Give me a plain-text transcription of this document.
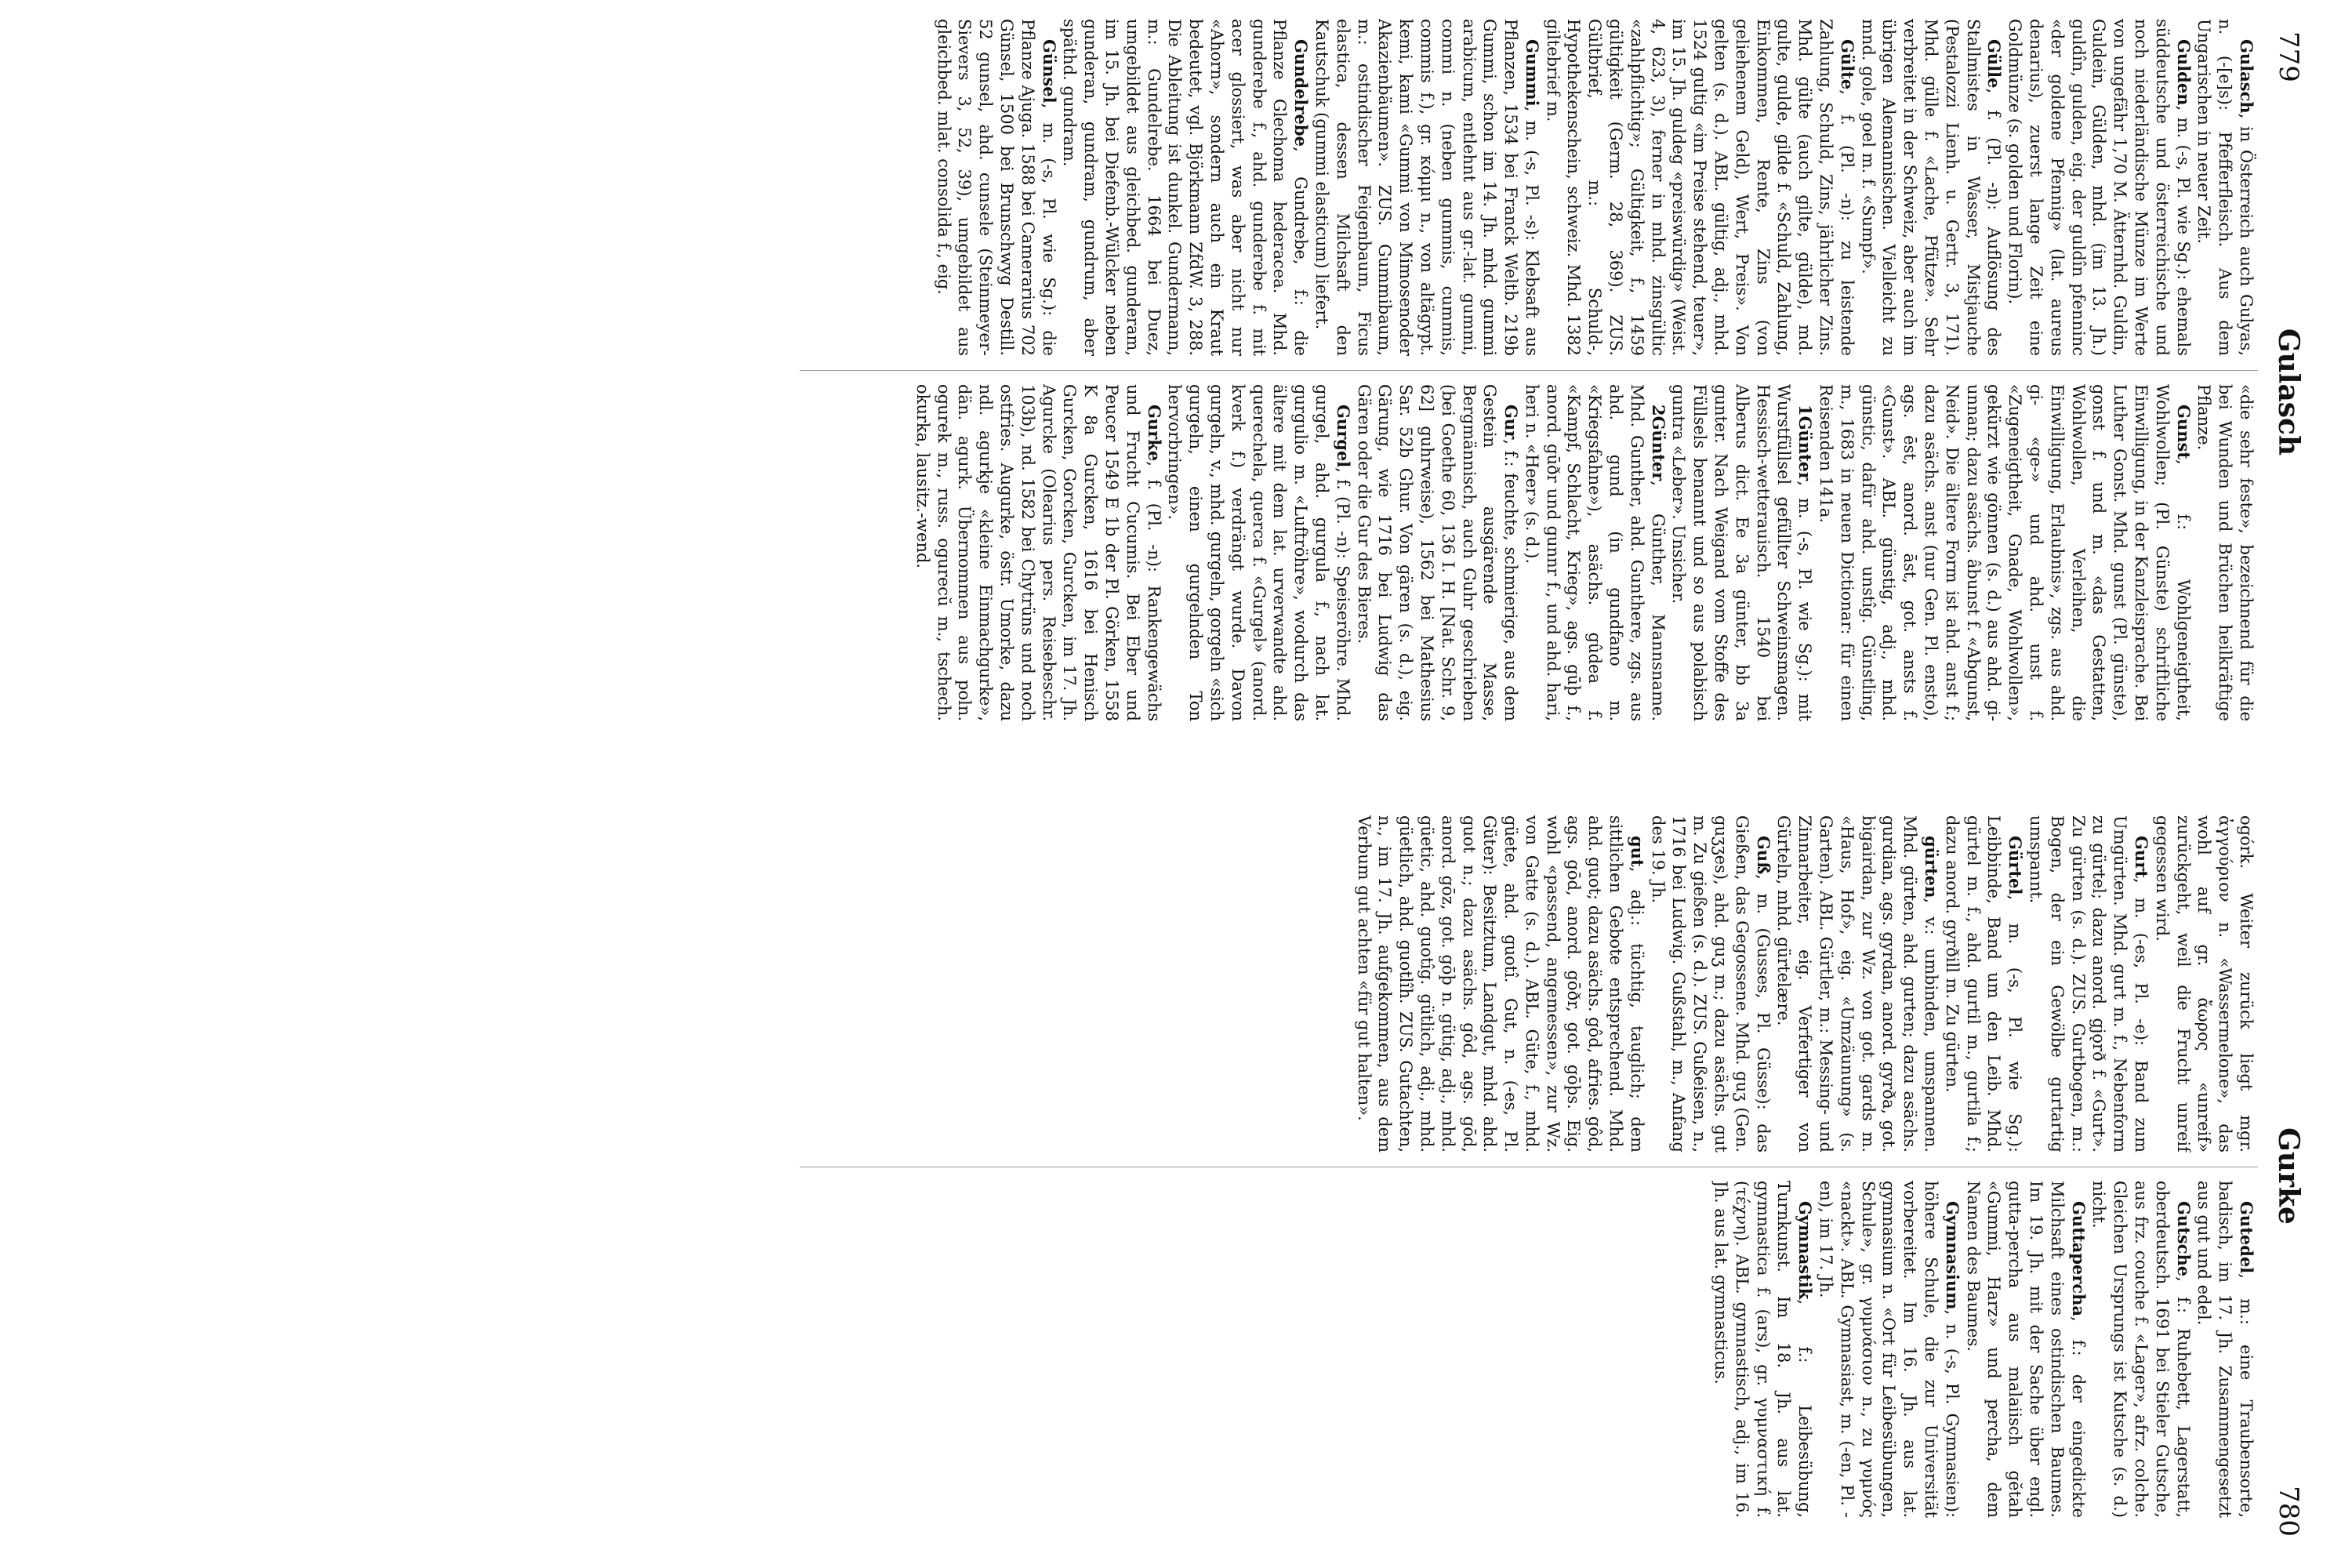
779
Gulasch

Gulasch, in Österreich auch Gulyas, n. (-[e]s): Pfefferfleisch. Aus dem Ungarischen in neuer Zeit.

Gulden, m. (-s, Pl. wie Sg.): ehemals süddeutsche und österreichische und noch niederländische Münze im Werte von ungefähr 1,70 M. Ätternhd. Guldin, Guldein, Gülden, mhd. (im 13. Jh.) guldîn, gulden, eig. der guldîn pfenninc «der goldene Pfennig» (lat. aureus denarius), zuerst lange Zeit eine Goldmünze (s. golden und Florin).

Gülle, f. (Pl. -n): Auflösung des Stallmistes in Wasser, Mistjauche (Pestalozzi Lienh. u. Gertr. 3, 171). Mhd. gülle f. «Lache, Pfütze». Sehr verbreitet in der Schweiz, aber auch im übrigen Alemannischen. Vielleicht zu mnd. gole, goel m. f. «Sumpf».

Gülte, f. (Pl. -n): zu leistende Zahlung, Schuld, Zins, jährlicher Zins. Mhd. gülte (auch gilte, gülde), md. gulte, gulde, gilde f. «Schuld, Zahlung, Einkommen, Rente, Zins (von geliehenem Geld), Wert, Preis». Von gelten (s. d.). ABL. gültig, adj., mhd. 1524 gultig «im Preise stehend, teuer», im 15. Jh. guldeg «preiswürdig» (Weist. 4, 623, 3), ferner in mhd. zinsgültic «zahlpflichtig»; Gültigkeit, f., 1459 gültigkeit (Germ. 28, 369). ZUS. Gültbrief, m.: Schuld-, Hypothekenschein, schweiz. Mhd. 1382 giltebrief m.

Gummi, m. (-s, Pl. -s): Klebsaft aus Pflanzen, 1534 bei Franck Weltb. 219b Gummi, schon im 14. Jh. mhd. gummi arabicum, entlehnt aus gr.-lat. gummi, commi n. (neben gummis, cummis, commis f.), gr. κόμμι n., von altägypt. kemi, kami «Gummi von Mimosenoder Akazienbäumen». ZUS. Gummibaum, m.: ostindischer Feigenbaum, Ficus elastica, dessen Milchsaft den Kautschuk (gummi elasticum) liefert.

Gundelrebe, Gundrebe, f.: die Pflanze Glechoma hederacea. Mhd. gunderebe f., ahd. gunderebe f. mit acer glossiert, was aber nicht nur «Ahorn», sondern auch ein Kraut bedeutet, vgl. Björkmann ZfdW. 3, 288. Die Ableitung ist dunkel. Gundermann, m.: Gundelrebe. 1664 bei Duez, umgebildet aus gleichbed. gunderam, im 15. Jh. bei Diefenb.-Wülcker neben gunderan, gundram, gundrum, aber späthd. gundram.

Günsel, m. (-s, Pl. wie Sg.): die Pflanze Ajuga. 1588 bei Camerarius 702 Günsel, 1500 bei Brunschwyg Destill. 52 gunsel, ahd. cunsele (Steinmeyer-Sievers 3, 52, 39), umgebildet aus gleichbed. mlat. consolida f., eig.

«die sehr feste», bezeichnend für die bei Wunden und Brüchen heilkräftige Pflanze.

Gunst, f.: Wohlgeneigtheit, Wohlwollen; (Pl. Günste) schriftliche Einwilligung, in der Kanzleisprache. Bei Luther Gonst. Mhd. gunst (Pl. günste), gonst f. und m. «das Gestatten, Wohlwollen, Verleihen, die Einwilligung, Erlaubnis», zgs. aus ahd. gi- «ge-» und ahd. unst f. «Zugeneigtheit, Gnade, Wohlwollen», gekürzt wie gönnen (s. d.) aus ahd. gi-unnan; dazu asächs. âbunst f. «Abgunst, Neid». Die ältere Form ist ahd. anst f.; dazu asächs. anst (nur Gen. Pl. ensto), ags. ēst, anord. āst, got. ansts f. «Gunst». ABL. günstig, adj., mhd. günstic, dafür ahd. unstîg. Günstling, m., 1683 in neuen Dictionar: für einen Reisenden 141a.

1Günter, m. (-s, Pl. wie Sg.): mit Wurstfüllsel gefüllter Schweinsmagen. Hessisch-wetterauisch. 1540 bei Alberus dict. Ee 3a günter, bb 3a gunter. Nach Weigand vom Stoffe des Füllsels benannt und so aus polabisch guntra «Leber». Unsicher.

2Günter, Günther, Mannsname. Mhd. Gunther, ahd. Gunthere, zgs. aus ahd. gund (in gundfano m. «Kriegsfahne»), asächs. gûdea f. «Kampf, Schlacht, Krieg», ags. gūþ f., anord. gūðr und gunnr f., und ahd. hari, heri n. «Heer» (s. d.).

Gur, f.: feuchte, schmierige, aus dem Gestein ausgärende Masse, Bergmännisch, auch Guhr geschrieben (bei Goethe 60, 136 I. H. [Nat. Schr. 9, 62] guhrweise), 1562 bei Mathesius Sar. 52b Ghur. Von gären (s. d.), eig. Gärung, wie 1716 bei Ludwig das Gären oder die Gur des Bieres.

Gurgel, f. (Pl. -n): Speiseröhre. Mhd. gurgel, ahd. gurgula f., nach lat. gurgulio m. «Luftröhre», wodurch das ältere mit dem lat. urverwandte ahd. querechela, querca f. «Gurgel» (anord. kverk f.) verdrängt wurde. Davon gurgeln, v., mhd. gurgeln, gorgeln «sich gurgeln, einen gurgelnden Ton hervorbringen».

Gurke, f. (Pl. -n): Rankengewächs und Frucht Cucumis. Bei Eber und Peucer 1549 E 1b der Pl. Görken, 1558 K 8a Gurcken, 1616 bei Henisch Gurcken, Gorcken, Gurcken, im 17. Jh. Agurcke (Olearius pers. Reisebeschr. 103b), nd. 1582 bei Chytrüns und noch ostfries. Augurke, östr. Umorke, dazu ndl. agurkje «kleine Einmachgurke», dän. agurk. Übernommen aus poln. ogurek m., russ. ogurecŭ m., tschech. okurka, lausitz.-wend.

780
Gurke

ogórk. Weiter zurück liegt mgr. ἀγγούριον n. «Wassermelone», das wohl auf gr. ἄωρος «unreif» zurückgeht, weil die Frucht unreif gegessen wird.

Gurt, m. (-es, Pl. -e): Band zum Umgürten. Mhd. gurt m. f., Nebenform zu gürtel; dazu anord. gjǫrð f. «Gurt». Zu gürten (s. d.). ZUS. Gurtbogen, m.: Bogen, der ein Gewölbe gurtartig umspannt.

Gürtel, m. (-s, Pl. wie Sg.): Leibbinde, Band um den Leib. Mhd. gürtel m. f., ahd. gurtil m., gurtila f.; dazu anord. gyrðill m. Zu gürten.

gürten, v.: umbinden, umspannen. Mhd. gürten, ahd. gurten; dazu asächs. gurdian, ags. gyrdan, anord. gyrða, got. bigairdan, zur Wz. von got. gards m. «Haus, Hof», eig. «Umzäunung» (s. Garten). ABL. Gürtler, m.: Messing- und Zinnarbeiter, eig. Verfertiger von Gürteln, mhd. gürtelære.

Guß, m. (Gusses, Pl. Güsse): das Gießen, das Gegossene. Mhd. guʒ (Gen. guʒʒes), ahd. guʒ m.; dazu asächs. gut m. Zu gießen (s. d.). ZUS. Gußeisen, n., 1716 bei Ludwig. Gußstahl, m., Anfang des 19. Jh.

gut, adj.: tüchtig, tauglich; dem sittlichen Gebote entsprechend. Mhd. ahd. guot; dazu asächs. gôd, afries. gôd, ags. gōd, anord. gōðr, got. gōþs. Eig. wohl «passend, angemessen», zur Wz. von Gatte (s. d.). ABL. Güte, f., mhd. güete, ahd. guotî. Gut, n. (-es, Pl. Güter): Besitztum, Landgut, mhd. ahd. guot n.; dazu asächs. gôd, ags. gōd, anord. gōz, got. gōþ n. gütig, adj., mhd. güetic, ahd. guotîg. gütlich, adj., mhd. güetlich, ahd. guotlîh. ZUS. Gutachten, n., im 17. Jh. aufgekommen, aus dem Verbum gut achten «für gut halten».

Gutedel, m.: eine Traubensorte, badisch, im 17. Jh. Zusammengesetzt aus gut und edel.

Gutsche, f.: Ruhebett, Lagerstatt, oberdeutsch. 1691 bei Stieler Gutsche, aus frz. couche f. «Lager», afrz. colche. Gleichen Ursprungs ist Kutsche (s. d.) nicht.

Guttapercha, f.: der eingedickte Milchsaft eines ostindischen Baumes. Im 19. Jh. mit der Sache über engl. gutta-percha aus malaiisch gĕtah «Gummi, Harz» und percha, dem Namen des Baumes.

Gymnasium, n. (-s, Pl. Gymnasien): höhere Schule, die zur Universität vorbereitet. Im 16. Jh. aus lat. gymnasium n. «Ort für Leibesübungen, Schule», gr. γυμνάσιον n., zu γυμνός «nackt». ABL. Gymnasiast, m. (-en, Pl. -en), im 17. Jh.

Gymnastik, f.: Leibesübung, Turnkunst. Im 18. Jh. aus lat. gymnastica f. (ars), gr. γυμναστική f. (τέχνη). ABL. gymnastisch, adj., im 16. Jh. aus lat. gymnasticus.
